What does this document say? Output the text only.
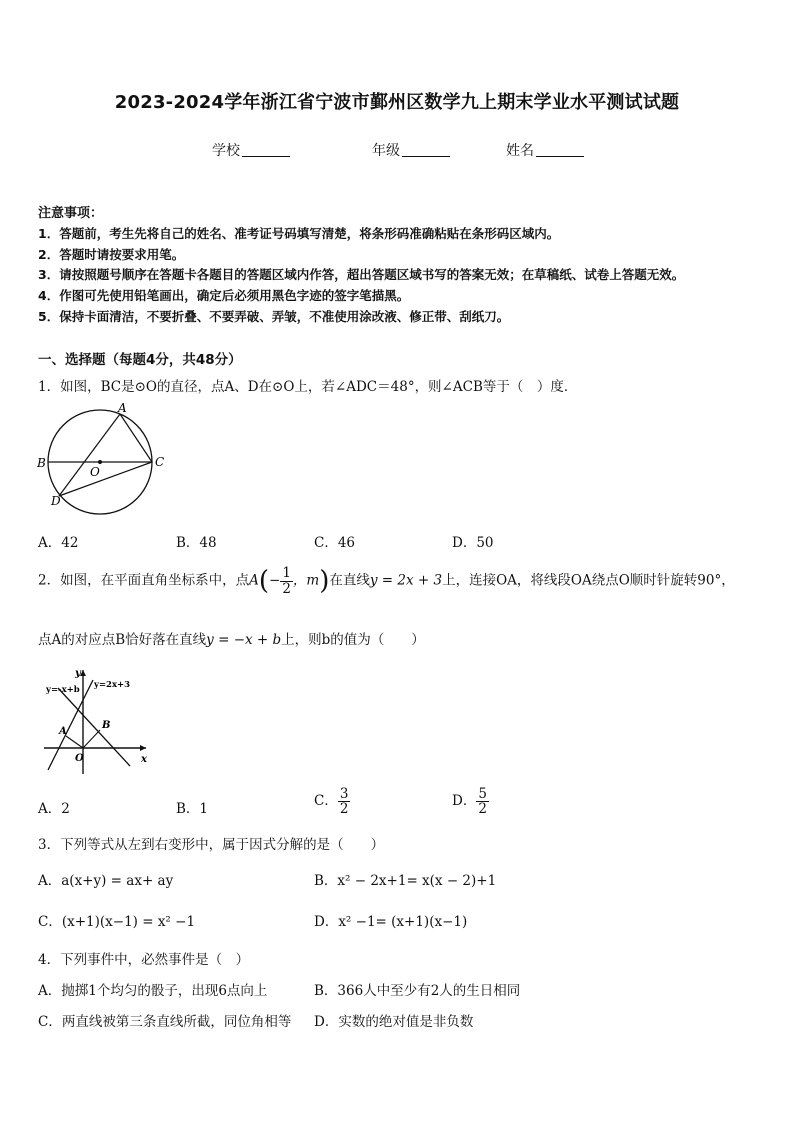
2023-2024学年浙江省宁波市鄞州区数学九上期末学业水平测试试题
学校	年级	姓名
注意事项：
1．答题前，考生先将自己的姓名、准考证号码填写清楚，将条形码准确粘贴在条形码区域内。
2．答题时请按要求用笔。
3．请按照题号顺序在答题卡各题目的答题区域内作答，超出答题区域书写的答案无效；在草稿纸、试卷上答题无效。
4．作图可先使用铅笔画出，确定后必须用黑色字迹的签字笔描黑。
5．保持卡面清洁，不要折叠、不要弄破、弄皱，不准使用涂改液、修正带、刮纸刀。
一、选择题（每题4分，共48分）
1．如图，BC是⊙O的直径，点A、D在⊙O上，若∠ADC＝48°，则∠ACB等于（　）度．
A
B	C
D
O
A．42	B．48	C．46	D．50
2．如图，在平面直角坐标系中，点$A(- \frac{1}{2}$ ，m)在直线y = 2x + 3上，连接OA，将线段OA绕点O顺时针旋转90°，
点A的对应点B恰好落在直线y = −x + b上，则b的值为（　　）
y
x
O
A
B
y=-x+b y=2x+3
A．2	B．1	C． $\frac{3}{2}$	D． $\frac{5}{2}$
3．下列等式从左到右变形中，属于因式分解的是（　　）
A．a(x+y) = ax+ ay	B．x² − 2x+1= x(x − 2)+1
C．(x+1)(x−1) = x² −1	D．x² −1= (x+1)(x−1)
4．下列事件中，必然事件是（　）
A．抛掷1个均匀的骰子，出现6点向上	B．366人中至少有2人的生日相同
C．两直线被第三条直线所截，同位角相等 D．实数的绝对值是非负数
